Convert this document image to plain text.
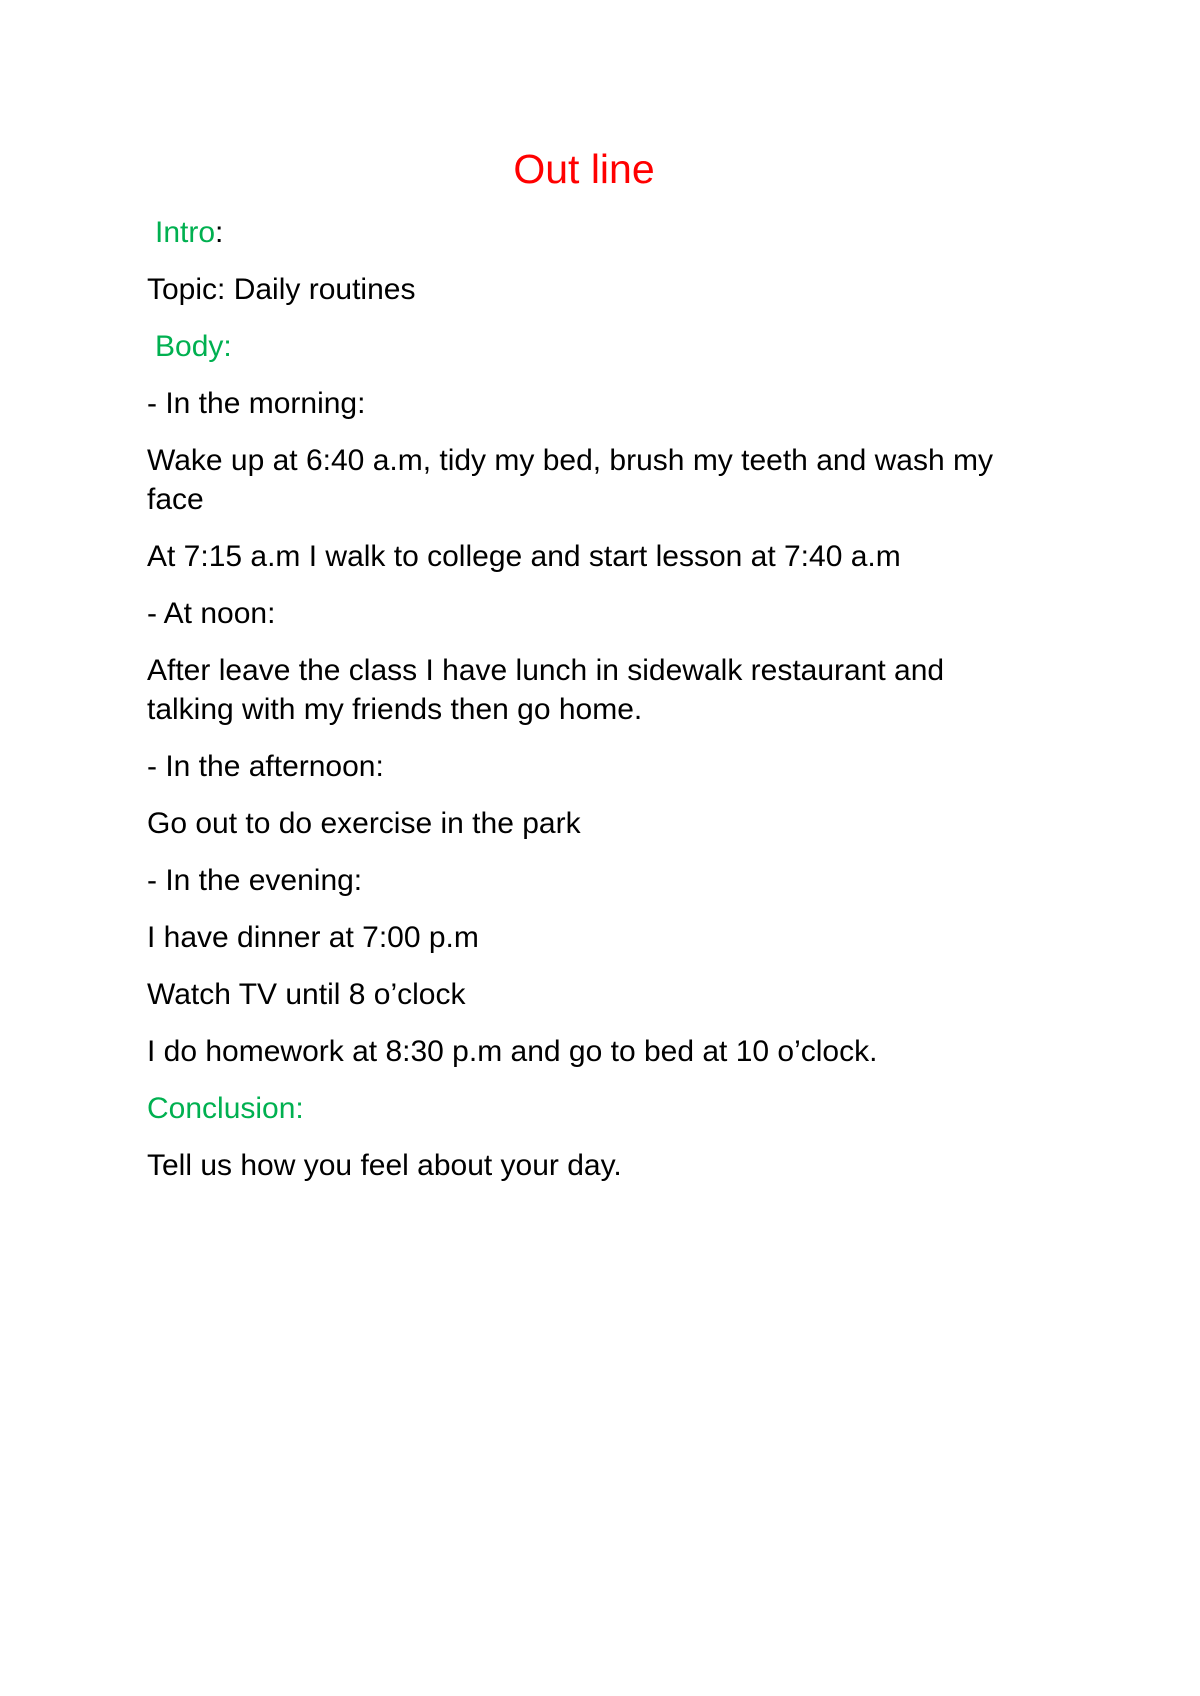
Out line
Intro:
Topic: Daily routines
Body:
- In the morning:
Wake up at 6:40 a.m, tidy my bed, brush my teeth and wash my face
At 7:15 a.m I walk to college and start lesson at 7:40 a.m
- At noon:
After leave the class I have lunch in sidewalk restaurant and talking with my friends then go home.
- In the afternoon:
Go out to do exercise in the park
- In the evening:
I have dinner at 7:00 p.m
Watch TV until 8 o’clock
I do homework at 8:30 p.m and go to bed at 10 o’clock.
Conclusion:
Tell us how you feel about your day.
